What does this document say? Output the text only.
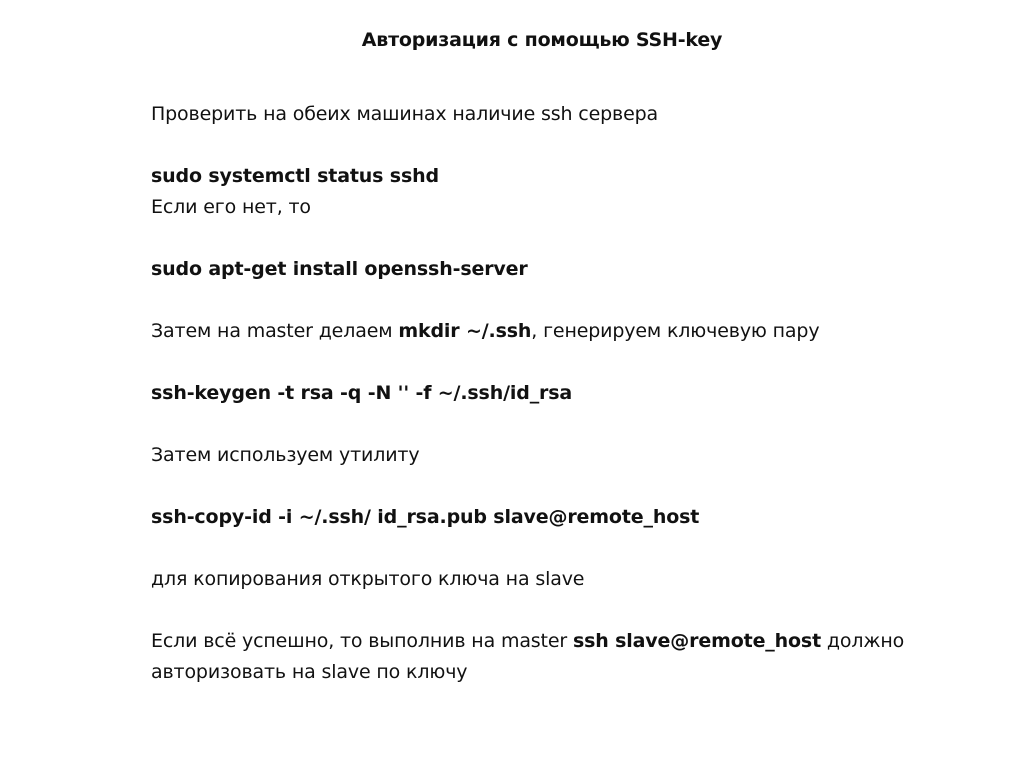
Авторизация с помощью SSH-key
Проверить на обеих машинах наличие ssh сервера
sudo systemctl status sshd
Если его нет, то
sudo apt-get install openssh-server
Затем на master делаем mkdir ~/.ssh, генерируем ключевую пару
ssh-keygen -t rsa -q -N '' -f ~/.ssh/id_rsa
Затем используем утилиту
ssh-copy-id -i ~/.ssh/ id_rsa.pub slave@remote_host
для копирования открытого ключа на slave
Если всё успешно, то выполнив на master ssh slave@remote_host должно
авторизовать на slave по ключу
